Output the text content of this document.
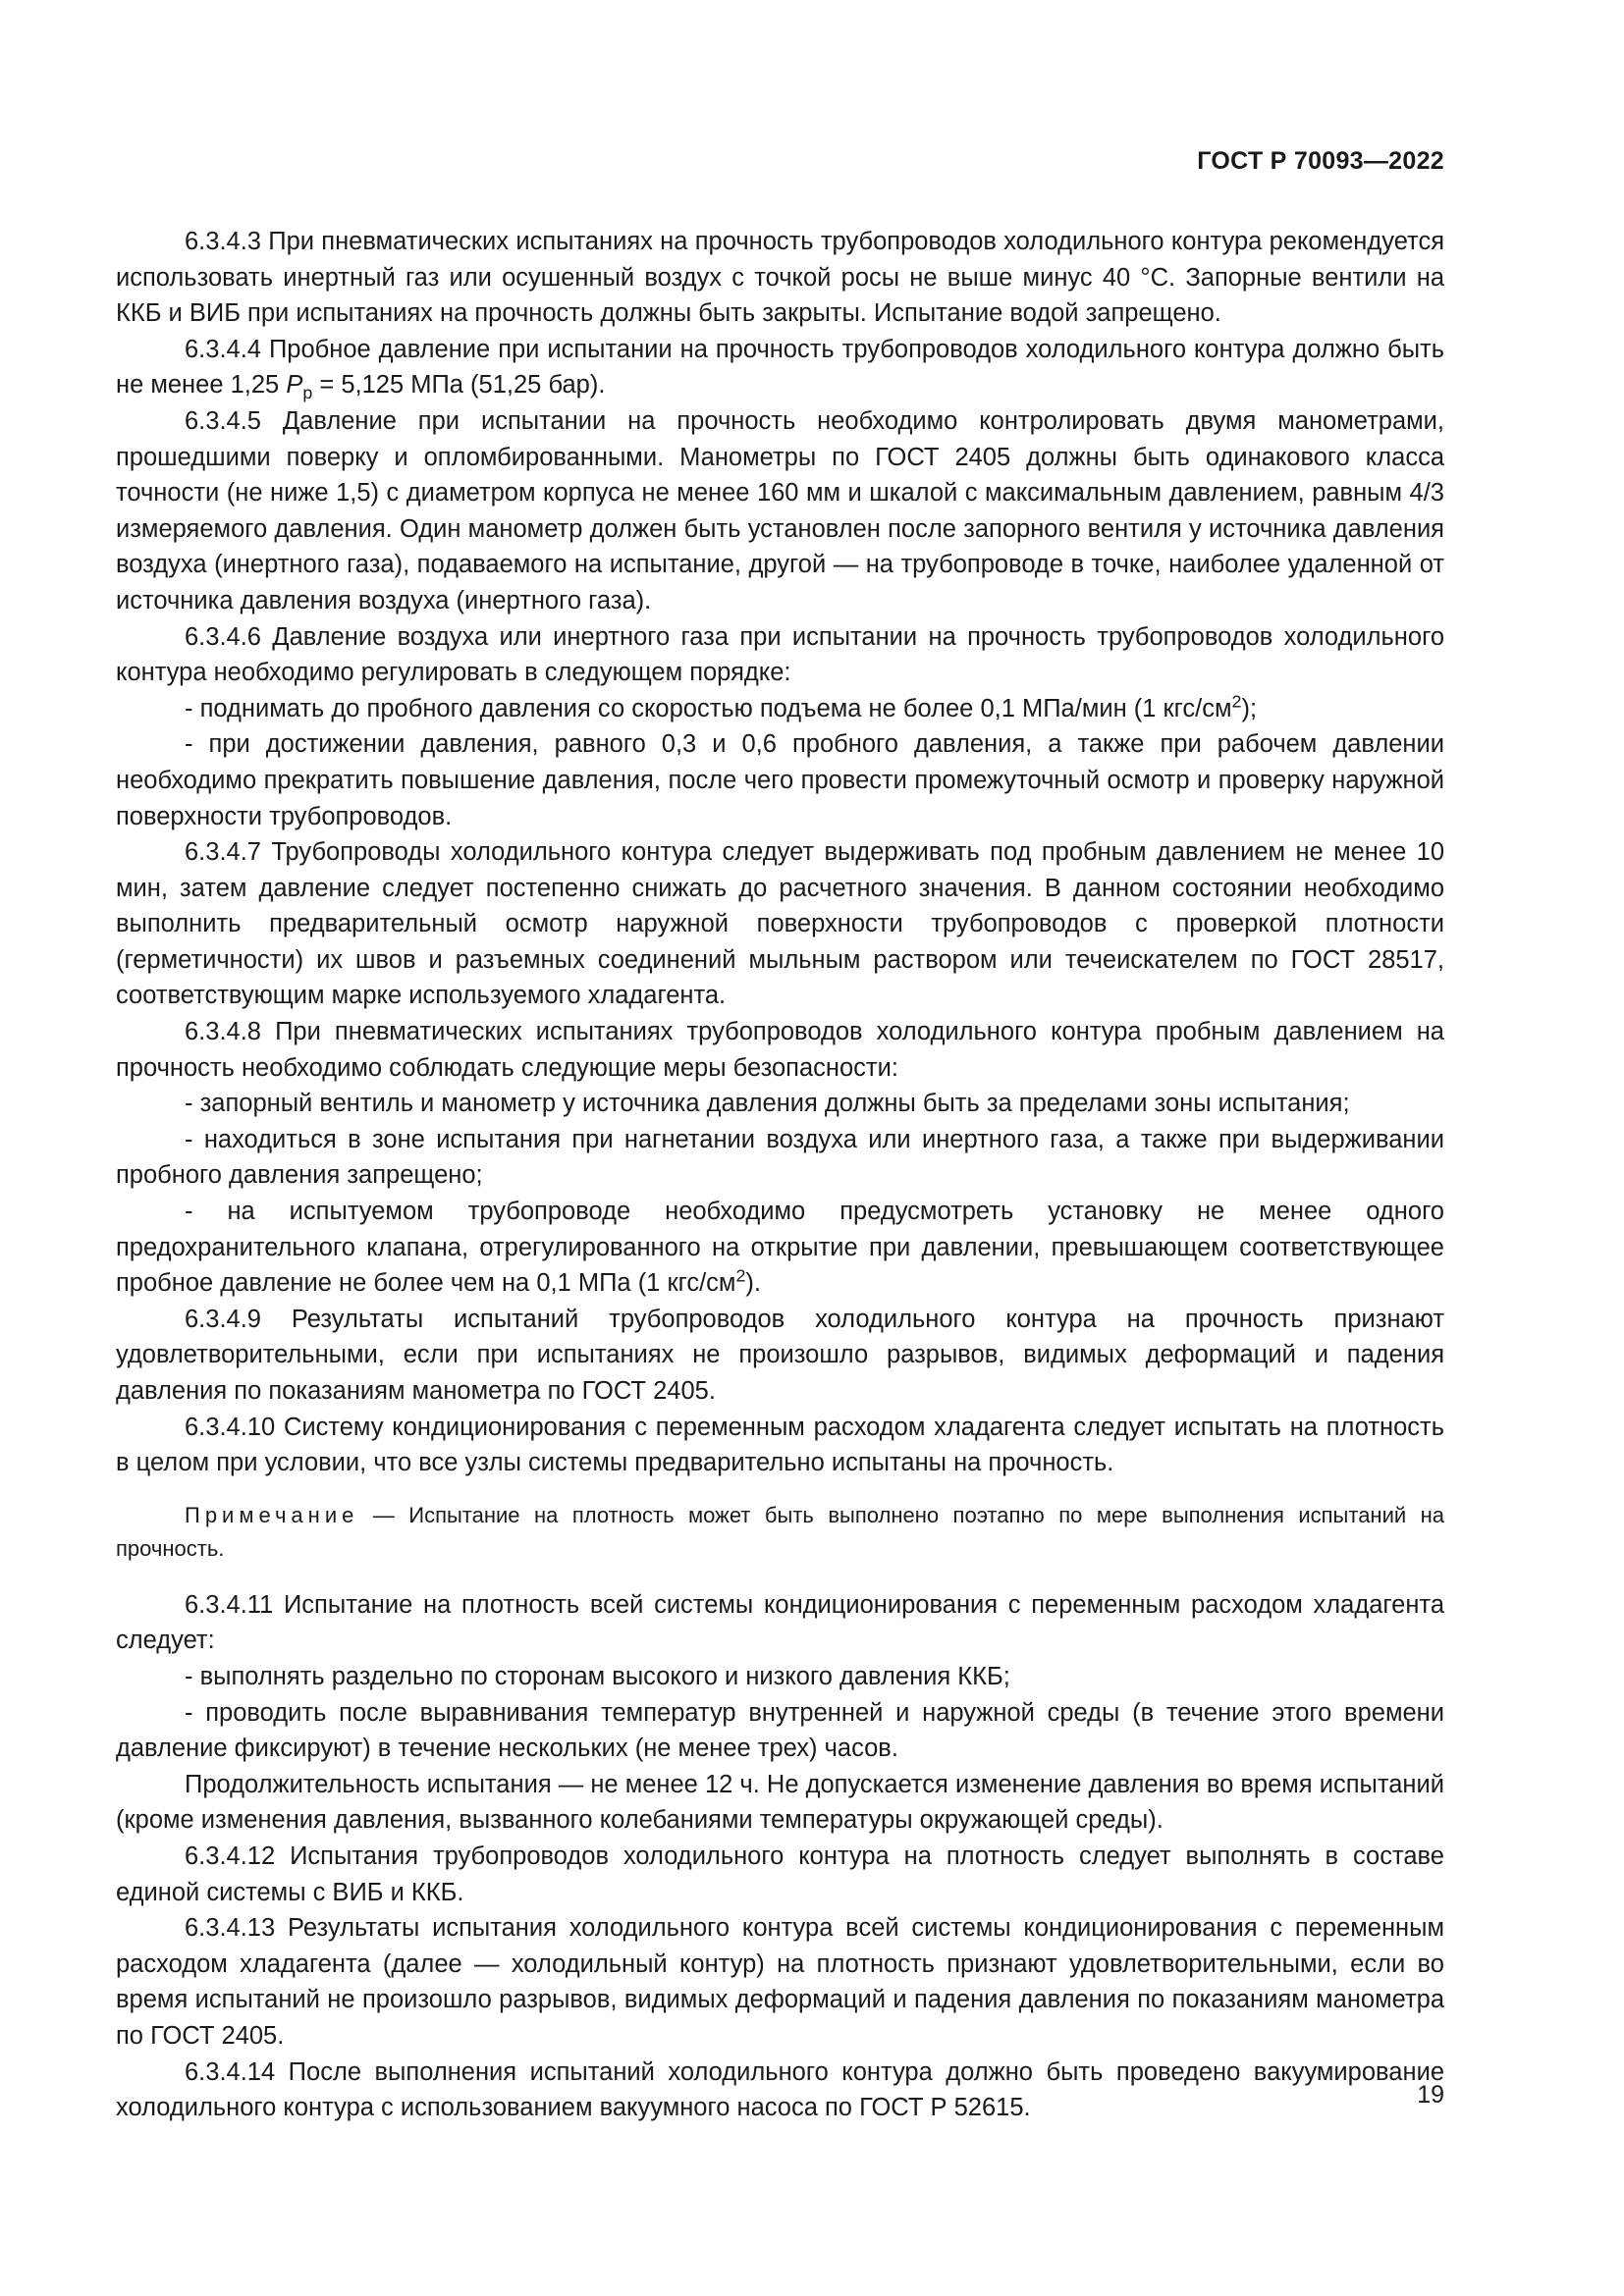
ГОСТ Р 70093—2022

6.3.4.3 При пневматических испытаниях на прочность трубопроводов холодильного контура рекомендуется использовать инертный газ или осушенный воздух с точкой росы не выше минус 40 °С. Запорные вентили на ККБ и ВИБ при испытаниях на прочность должны быть закрыты. Испытание водой запрещено.

6.3.4.4 Пробное давление при испытании на прочность трубопроводов холодильного контура должно быть не менее 1,25 $P_р = 5,125$ МПа (51,25 бар).

6.3.4.5 Давление при испытании на прочность необходимо контролировать двумя манометрами, прошедшими поверку и опломбированными. Манометры по ГОСТ 2405 должны быть одинакового класса точности (не ниже 1,5) с диаметром корпуса не менее 160 мм и шкалой с максимальным давлением, равным 4/3 измеряемого давления. Один манометр должен быть установлен после запорного вентиля у источника давления воздуха (инертного газа), подаваемого на испытание, другой — на трубопроводе в точке, наиболее удаленной от источника давления воздуха (инертного газа).

6.3.4.6 Давление воздуха или инертного газа при испытании на прочность трубопроводов холодильного контура необходимо регулировать в следующем порядке:

- поднимать до пробного давления со скоростью подъема не более 0,1 МПа/мин (1 кгс/$см^2$);

- при достижении давления, равного 0,3 и 0,6 пробного давления, а также при рабочем давлении необходимо прекратить повышение давления, после чего провести промежуточный осмотр и проверку наружной поверхности трубопроводов.

6.3.4.7 Трубопроводы холодильного контура следует выдерживать под пробным давлением не менее 10 мин, затем давление следует постепенно снижать до расчетного значения. В данном состоянии необходимо выполнить предварительный осмотр наружной поверхности трубопроводов с проверкой плотности (герметичности) их швов и разъемных соединений мыльным раствором или течеискателем по ГОСТ 28517, соответствующим марке используемого хладагента.

6.3.4.8 При пневматических испытаниях трубопроводов холодильного контура пробным давлением на прочность необходимо соблюдать следующие меры безопасности:

- запорный вентиль и манометр у источника давления должны быть за пределами зоны испытания;

- находиться в зоне испытания при нагнетании воздуха или инертного газа, а также при выдерживании пробного давления запрещено;

- на испытуемом трубопроводе необходимо предусмотреть установку не менее одного предохранительного клапана, отрегулированного на открытие при давлении, превышающем соответствующее пробное давление не более чем на 0,1 МПа (1 кгс/$см^2$).

6.3.4.9 Результаты испытаний трубопроводов холодильного контура на прочность признают удовлетворительными, если при испытаниях не произошло разрывов, видимых деформаций и падения давления по показаниям манометра по ГОСТ 2405.

6.3.4.10 Систему кондиционирования с переменным расходом хладагента следует испытать на плотность в целом при условии, что все узлы системы предварительно испытаны на прочность.

Примечание — Испытание на плотность может быть выполнено поэтапно по мере выполнения испытаний на прочность.

6.3.4.11 Испытание на плотность всей системы кондиционирования с переменным расходом хладагента следует:

- выполнять раздельно по сторонам высокого и низкого давления ККБ;

- проводить после выравнивания температур внутренней и наружной среды (в течение этого времени давление фиксируют) в течение нескольких (не менее трех) часов.

Продолжительность испытания — не менее 12 ч. Не допускается изменение давления во время испытаний (кроме изменения давления, вызванного колебаниями температуры окружающей среды).

6.3.4.12 Испытания трубопроводов холодильного контура на плотность следует выполнять в составе единой системы с ВИБ и ККБ.

6.3.4.13 Результаты испытания холодильного контура всей системы кондиционирования с переменным расходом хладагента (далее — холодильный контур) на плотность признают удовлетворительными, если во время испытаний не произошло разрывов, видимых деформаций и падения давления по показаниям манометра по ГОСТ 2405.

6.3.4.14 После выполнения испытаний холодильного контура должно быть проведено вакуумирование холодильного контура с использованием вакуумного насоса по ГОСТ Р 52615.	19
